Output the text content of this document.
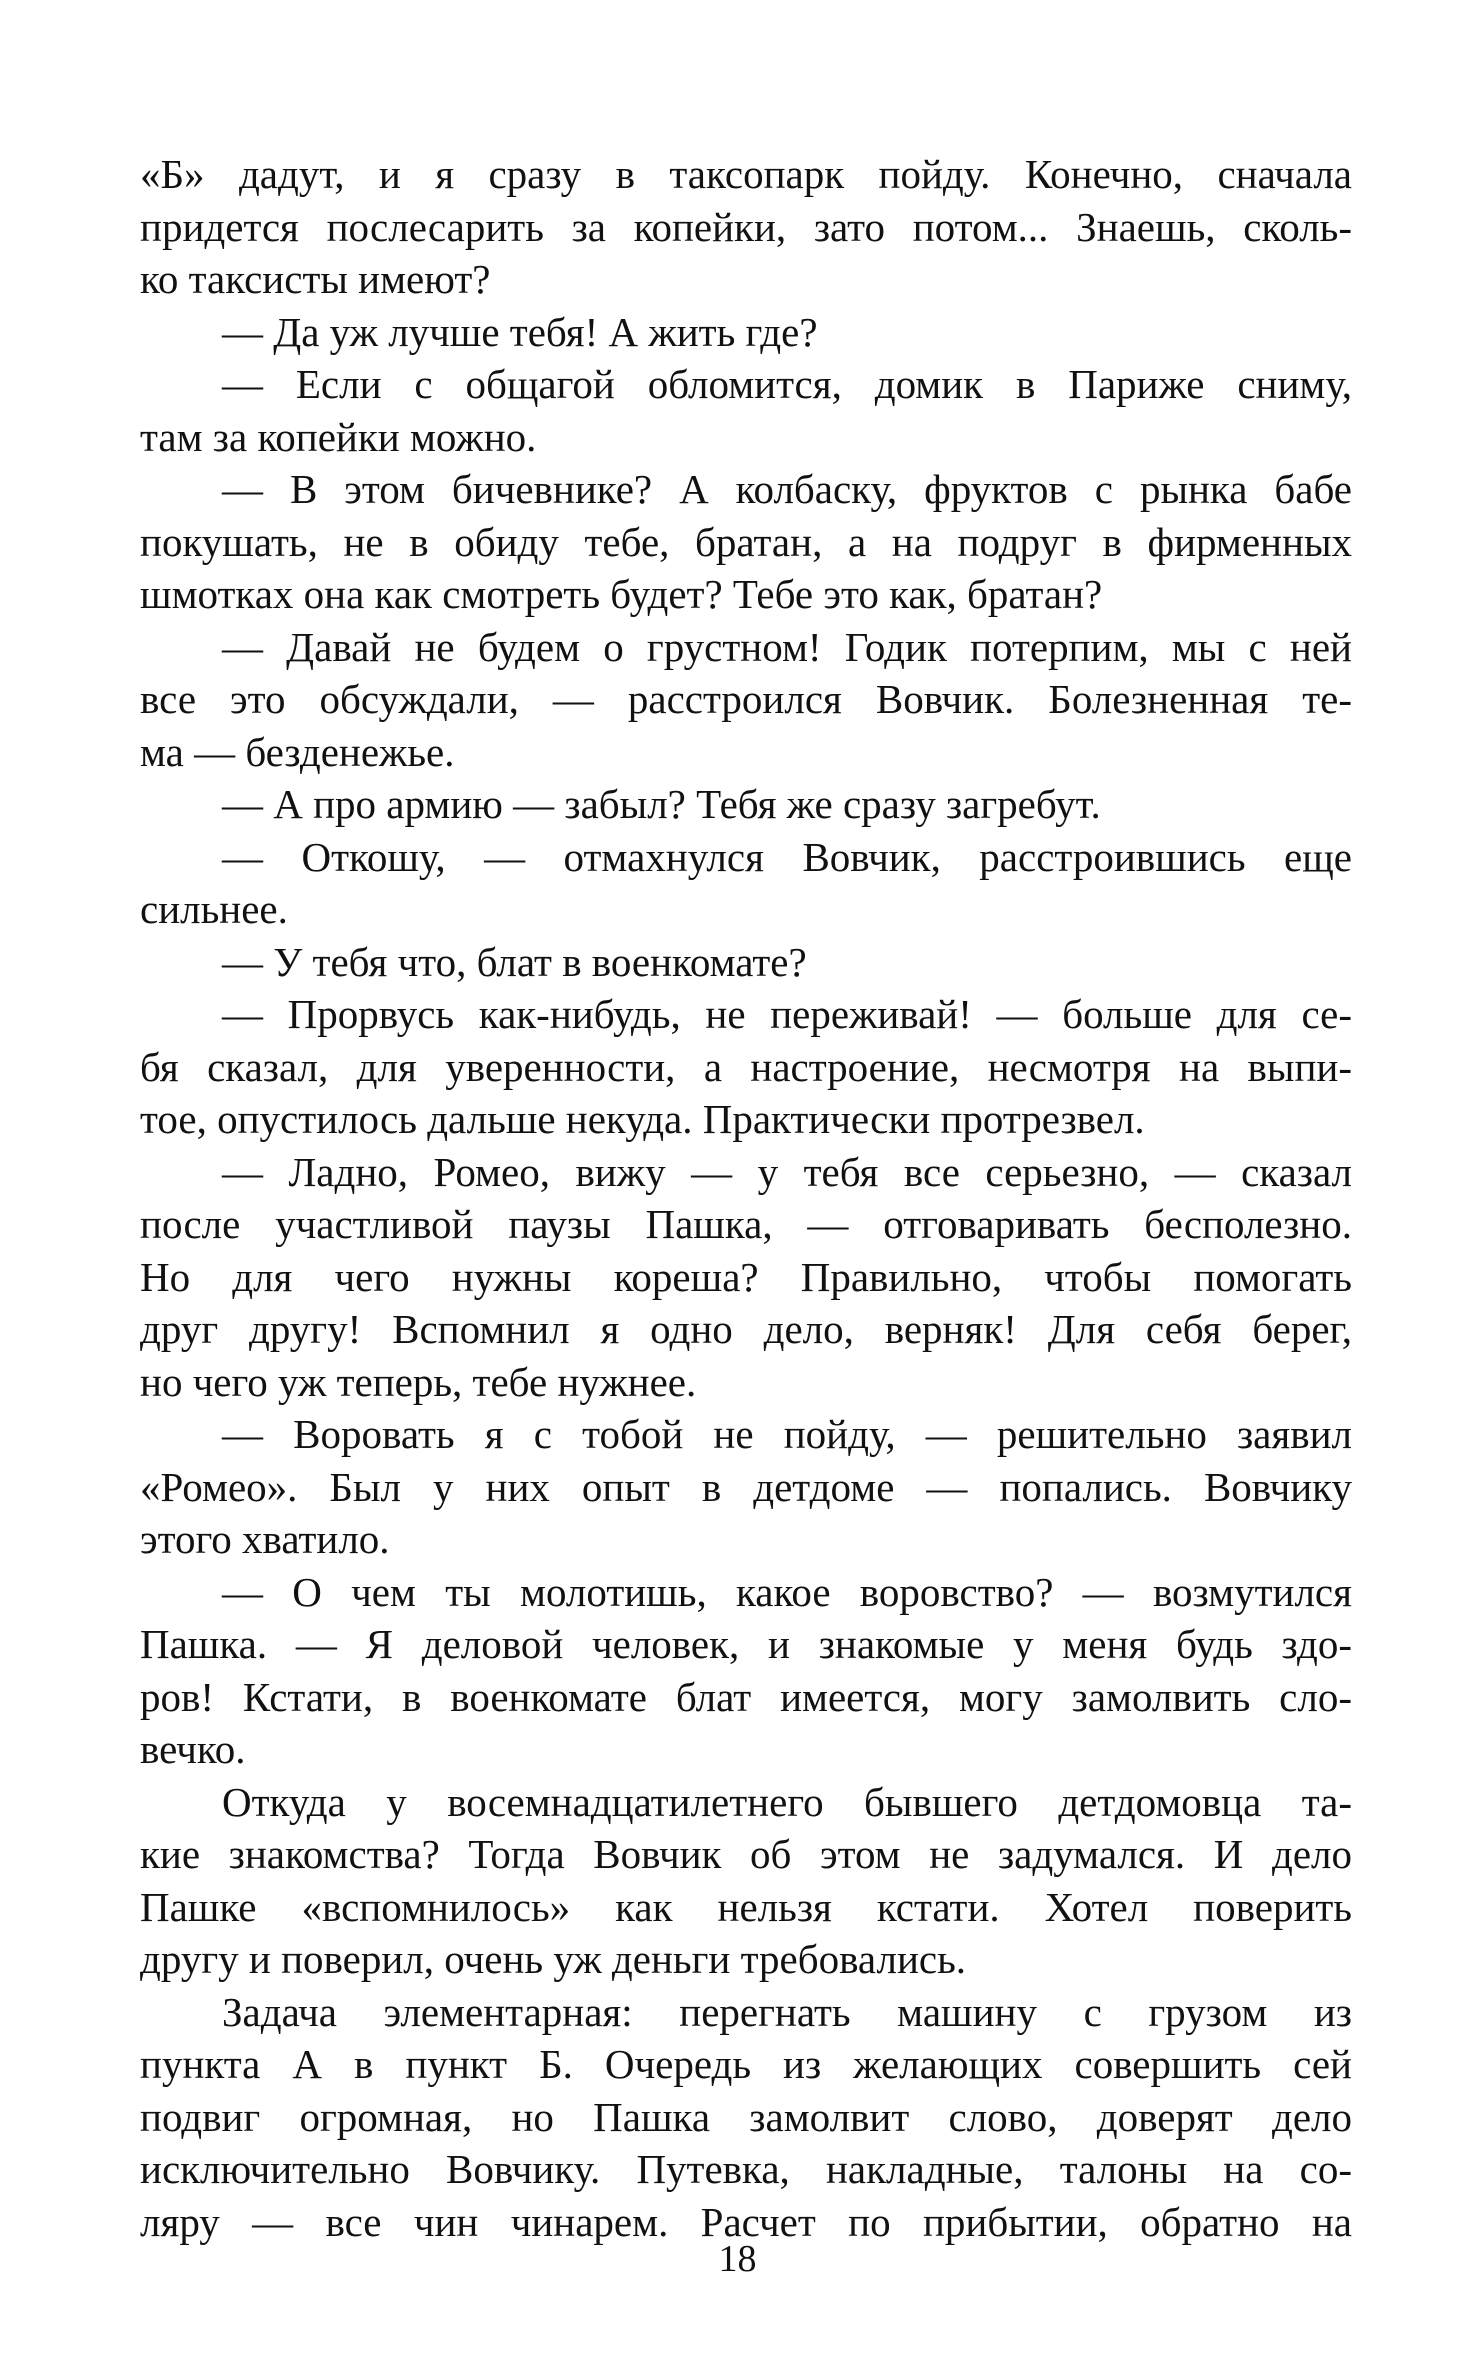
«Б» дадут, и я сразу в таксопарк пойду. Конечно, сначала
придется послесарить за копейки, зато потом... Знаешь, сколь-
ко таксисты имеют?
— Да уж лучше тебя! А жить где?
— Если с общагой обломится, домик в Париже сниму,
там за копейки можно.
— В этом бичевнике? А колбаску, фруктов с рынка бабе
покушать, не в обиду тебе, братан, а на подруг в фирменных
шмотках она как смотреть будет? Тебе это как, братан?
— Давай не будем о грустном! Годик потерпим, мы с ней
все это обсуждали, — расстроился Вовчик. Болезненная те-
ма — безденежье.
— А про армию — забыл? Тебя же сразу загребут.
— Откошу, — отмахнулся Вовчик, расстроившись еще
сильнее.
— У тебя что, блат в военкомате?
— Прорвусь как-нибудь, не переживай! — больше для се-
бя сказал, для уверенности, а настроение, несмотря на выпи-
тое, опустилось дальше некуда. Практически протрезвел.
— Ладно, Ромео, вижу — у тебя все серьезно, — сказал
после участливой паузы Пашка, — отговаривать бесполезно.
Но для чего нужны кореша? Правильно, чтобы помогать
друг другу! Вспомнил я одно дело, верняк! Для себя берег,
но чего уж теперь, тебе нужнее.
— Воровать я с тобой не пойду, — решительно заявил
«Ромео». Был у них опыт в детдоме — попались. Вовчику
этого хватило.
— О чем ты молотишь, какое воровство? — возмутился
Пашка. — Я деловой человек, и знакомые у меня будь здо-
ров! Кстати, в военкомате блат имеется, могу замолвить сло-
вечко.
Откуда у восемнадцатилетнего бывшего детдомовца та-
кие знакомства? Тогда Вовчик об этом не задумался. И дело
Пашке «вспомнилось» как нельзя кстати. Хотел поверить
другу и поверил, очень уж деньги требовались.
Задача элементарная: перегнать машину с грузом из
пункта А в пункт Б. Очередь из желающих совершить сей
подвиг огромная, но Пашка замолвит слово, доверят дело
исключительно Вовчику. Путевка, накладные, талоны на со-
ляру — все чин чинарем. Расчет по прибытии, обратно на
18
